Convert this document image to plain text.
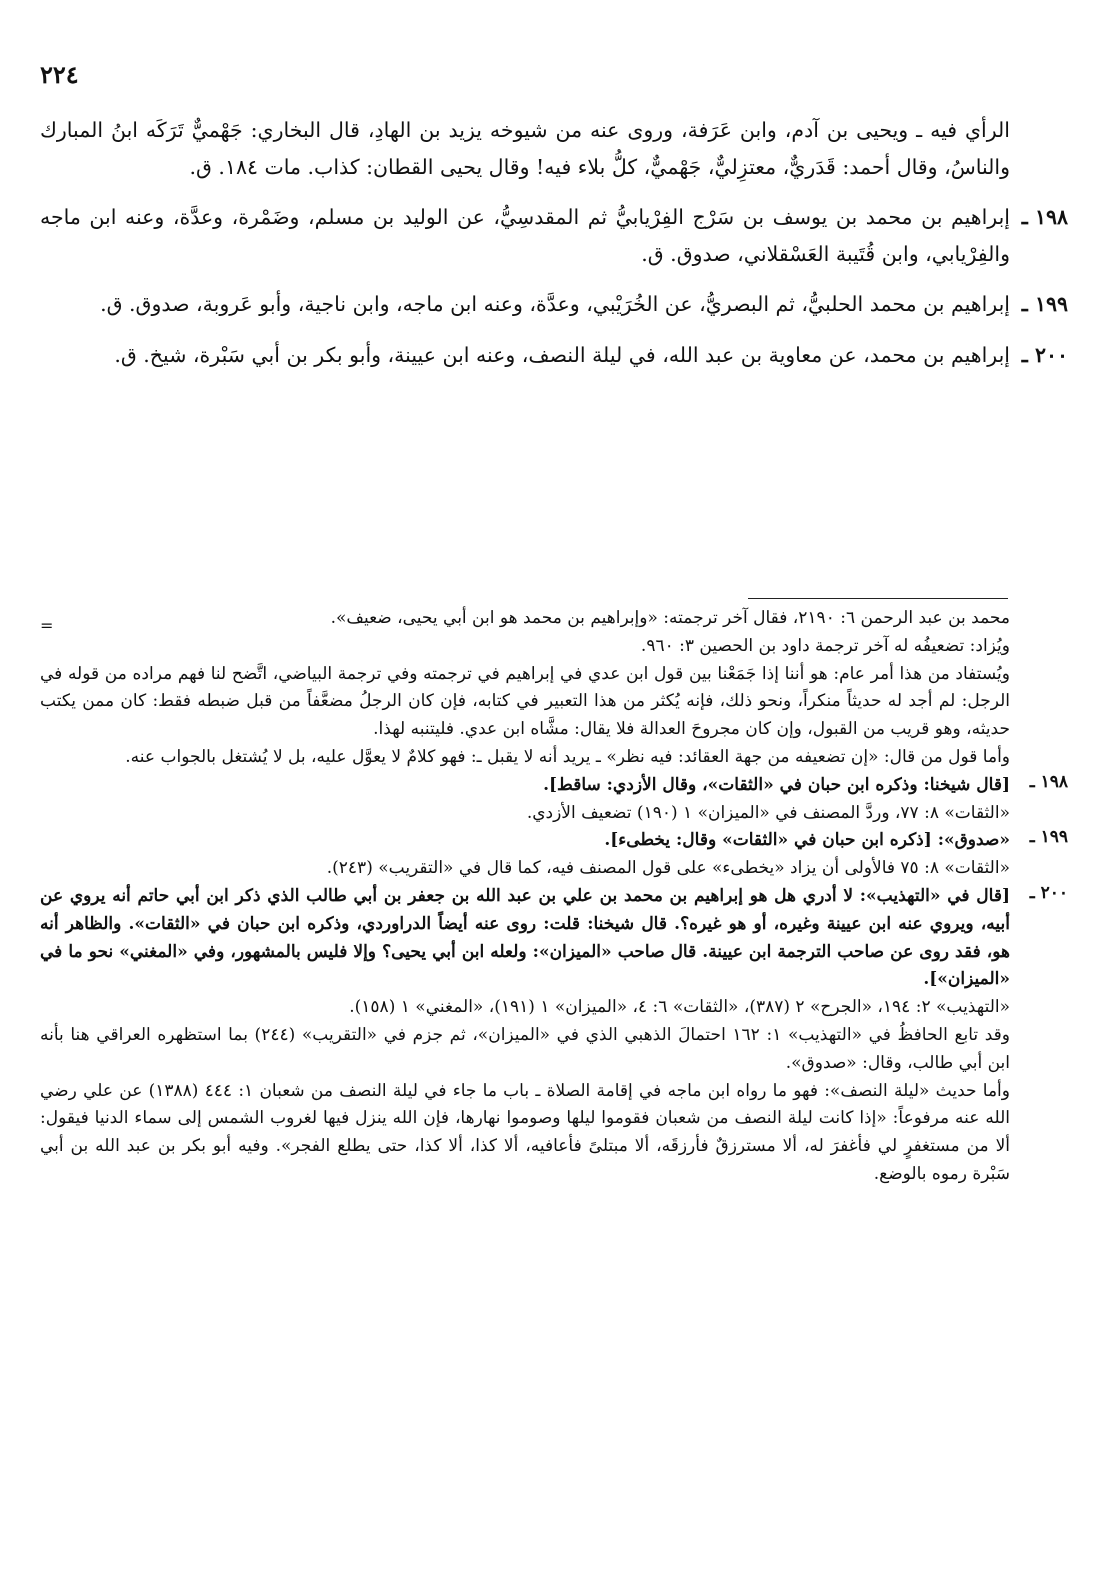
٢٢٤

الرأي فيه ـ ويحيى بن آدم، وابن عَرَفة، وروى عنه من شيوخه يزيد بن الهادِ، قال البخاري: جَهْميٌّ تَرَكَه ابنُ المبارك والناسُ، وقال أحمد: قَدَريٌّ، معتزِليٌّ، جَهْميٌّ، كلُّ بلاء فيه! وقال يحيى القطان: كذاب. مات ١٨٤. ق.

١٩٨ ـ
إبراهيم بن محمد بن يوسف بن سَرْج الفِرْيابيُّ ثم المقدسِيُّ، عن الوليد بن مسلم، وضَمْرة، وعدَّة، وعنه ابن ماجه والفِرْيابي، وابن قُتَيبة العَسْقلاني، صدوق. ق.
١٩٩ ـ
إبراهيم بن محمد الحلبيُّ، ثم البصريُّ، عن الخُرَيْبي، وعدَّة، وعنه ابن ماجه، وابن ناجية، وأبو عَروبة، صدوق. ق.
٢٠٠ ـ
إبراهيم بن محمد، عن معاوية بن عبد الله، في ليلة النصف، وعنه ابن عيينة، وأبو بكر بن أبي سَبْرة، شيخ. ق.
=	محمد بن عبد الرحمن ٦: ٢١٩٠، فقال آخر ترجمته: «وإبراهيم بن محمد هو ابن أبي يحيى، ضعيف».

ويُزاد: تضعيفُه له آخر ترجمة داود بن الحصين ٣: ٩٦٠.

ويُستفاد من هذا أمر عام: هو أننا إذا جَمَعْنا بين قول ابن عدي في إبراهيم في ترجمته وفي ترجمة البياضي، اتَّضح لنا فهم مراده من قوله في الرجل: لم أجد له حديثاً منكراً، ونحو ذلك، فإنه يُكثر من هذا التعبير في كتابه، فإن كان الرجلُ مضعَّفاً من قبل ضبطه فقط: كان ممن يكتب حديثه، وهو قريب من القبول، وإن كان مجروحَ العدالة فلا يقال: مشَّاه ابن عدي. فليتنبه لهذا.

وأما قول من قال: «إن تضعيفه من جهة العقائد: فيه نظر» ـ يريد أنه لا يقبل ـ: فهو كلامٌ لا يعوَّل عليه، بل لا يُشتغل بالجواب عنه.

١٩٨ ـ

[قال شيخنا: وذكره ابن حبان في «الثقات»، وقال الأزدي: ساقط].

«الثقات» ٨: ٧٧، وردَّ المصنف في «الميزان» ١ (١٩٠) تضعيف الأزدي.

١٩٩ ـ

«صدوق»: [ذكره ابن حبان في «الثقات» وقال: يخطىء].

«الثقات» ٨: ٧٥ فالأولى أن يزاد «يخطىء» على قول المصنف فيه، كما قال في «التقريب» (٢٤٣).

٢٠٠ ـ

[قال في «التهذيب»: لا أدري هل هو إبراهيم بن محمد بن علي بن عبد الله بن جعفر بن أبي طالب الذي ذكر ابن أبي حاتم أنه يروي عن أبيه، ويروي عنه ابن عيينة وغيره، أو هو غيره؟. قال شيخنا: قلت: روى عنه أيضاً الدراوردي، وذكره ابن حبان في «الثقات». والظاهر أنه هو، فقد روى عن صاحب الترجمة ابن عيينة. قال صاحب «الميزان»: ولعله ابن أبي يحيى؟ وإلا فليس بالمشهور، وفي «المغني» نحو ما في «الميزان»].

«التهذيب» ٢: ١٩٤، «الجرح» ٢ (٣٨٧)، «الثقات» ٦: ٤، «الميزان» ١ (١٩١)، «المغني» ١ (١٥٨).

وقد تابع الحافظُ في «التهذيب» ١: ١٦٢ احتمالَ الذهبي الذي في «الميزان»، ثم جزم في «التقريب» (٢٤٤) بما استظهره العراقي هنا بأنه ابن أبي طالب، وقال: «صدوق».

وأما حديث «ليلة النصف»: فهو ما رواه ابن ماجه في إقامة الصلاة ـ باب ما جاء في ليلة النصف من شعبان ١: ٤٤٤ (١٣٨٨) عن علي رضي الله عنه مرفوعاً: «إذا كانت ليلة النصف من شعبان فقوموا ليلها وصوموا نهارها، فإن الله ينزل فيها لغروب الشمس إلى سماء الدنيا فيقول: ألا من مستغفرٍ لي فأغفرَ له، ألا مسترزقٌ فأرزقَه، ألا مبتلىً فأعافيه، ألا كذا، ألا كذا، حتى يطلع الفجر». وفيه أبو بكر بن عبد الله بن أبي سَبْرة رموه بالوضع.
